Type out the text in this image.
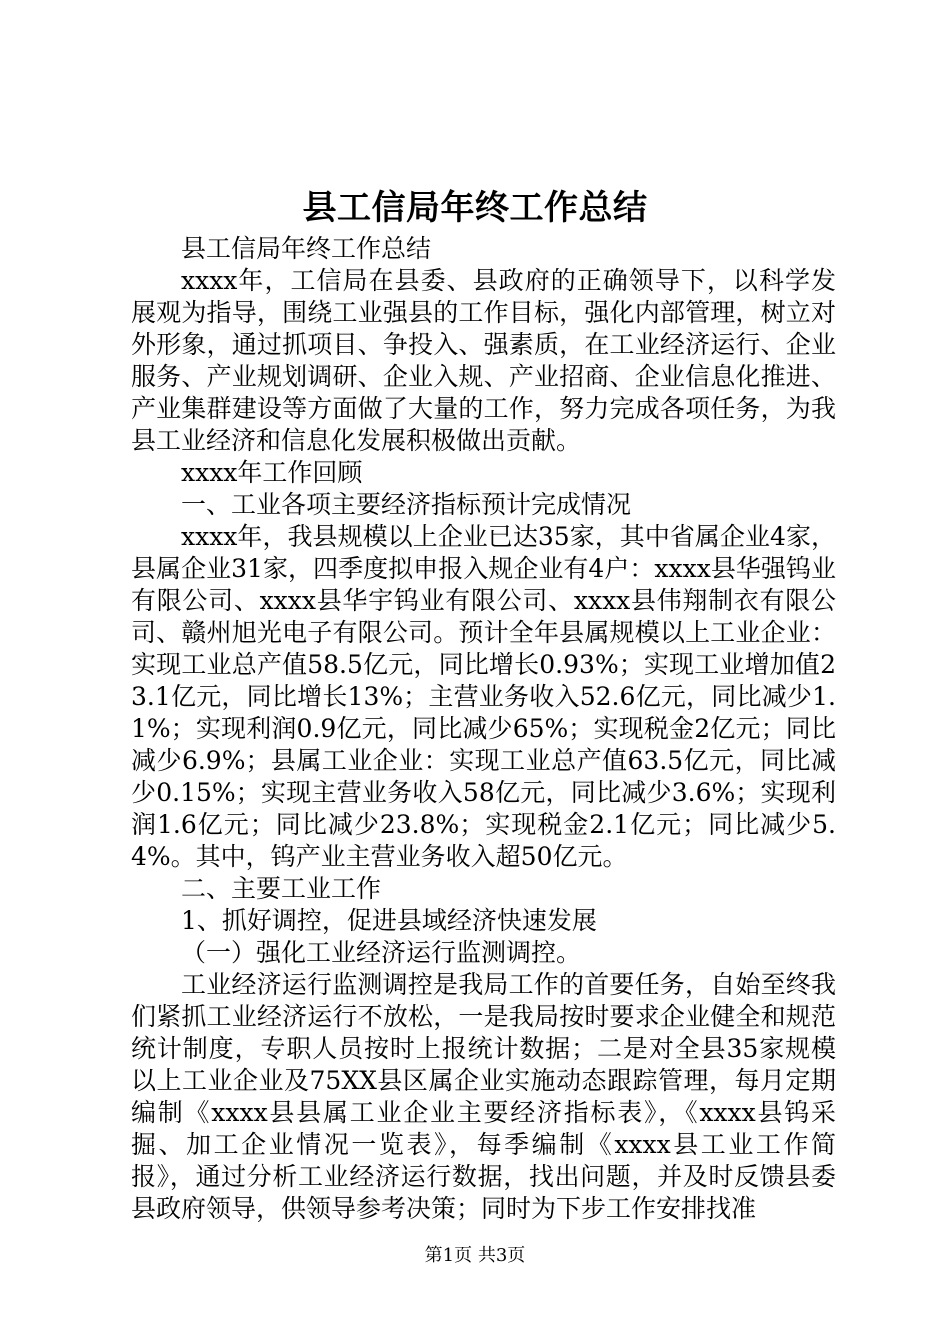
县工信局年终工作总结

县工信局年终工作总结

xxxx年，工信局在县委、县政府的正确领导下，以科学发展观为指导，围绕工业强县的工作目标，强化内部管理，树立对外形象，通过抓项目、争投入、强素质，在工业经济运行、企业服务、产业规划调研、企业入规、产业招商、企业信息化推进、产业集群建设等方面做了大量的工作，努力完成各项任务，为我县工业经济和信息化发展积极做出贡献。

xxxx年工作回顾

一、工业各项主要经济指标预计完成情况

xxxx年，我县规模以上企业已达35家，其中省属企业4家，县属企业31家，四季度拟申报入规企业有4户：xxxx县华强钨业有限公司、xxxx县华宇钨业有限公司、xxxx县伟翔制衣有限公司、赣州旭光电子有限公司。预计全年县属规模以上工业企业：实现工业总产值58.5亿元，同比增长0.93%；实现工业增加值23.1亿元，同比增长13%；主营业务收入52.6亿元，同比减少1.1%；实现利润0.9亿元，同比减少65%；实现税金2亿元；同比减少6.9%；县属工业企业：实现工业总产值63.5亿元，同比减少0.15%；实现主营业务收入58亿元，同比减少3.6%；实现利润1.6亿元；同比减少23.8%；实现税金2.1亿元；同比减少5.4%。其中，钨产业主营业务收入超50亿元。

二、主要工业工作

1、抓好调控，促进县域经济快速发展

（一）强化工业经济运行监测调控。

工业经济运行监测调控是我局工作的首要任务，自始至终我们紧抓工业经济运行不放松，一是我局按时要求企业健全和规范统计制度，专职人员按时上报统计数据；二是对全县35家规模以上工业企业及75XX县区属企业实施动态跟踪管理，每月定期编制《xxxx县县属工业企业主要经济指标表》，《xxxx县钨采掘、加工企业情况一览表》，每季编制《xxxx县工业工作简报》，通过分析工业经济运行数据，找出问题，并及时反馈县委县政府领导，供领导参考决策；同时为下步工作安排找准

第1页 共3页
